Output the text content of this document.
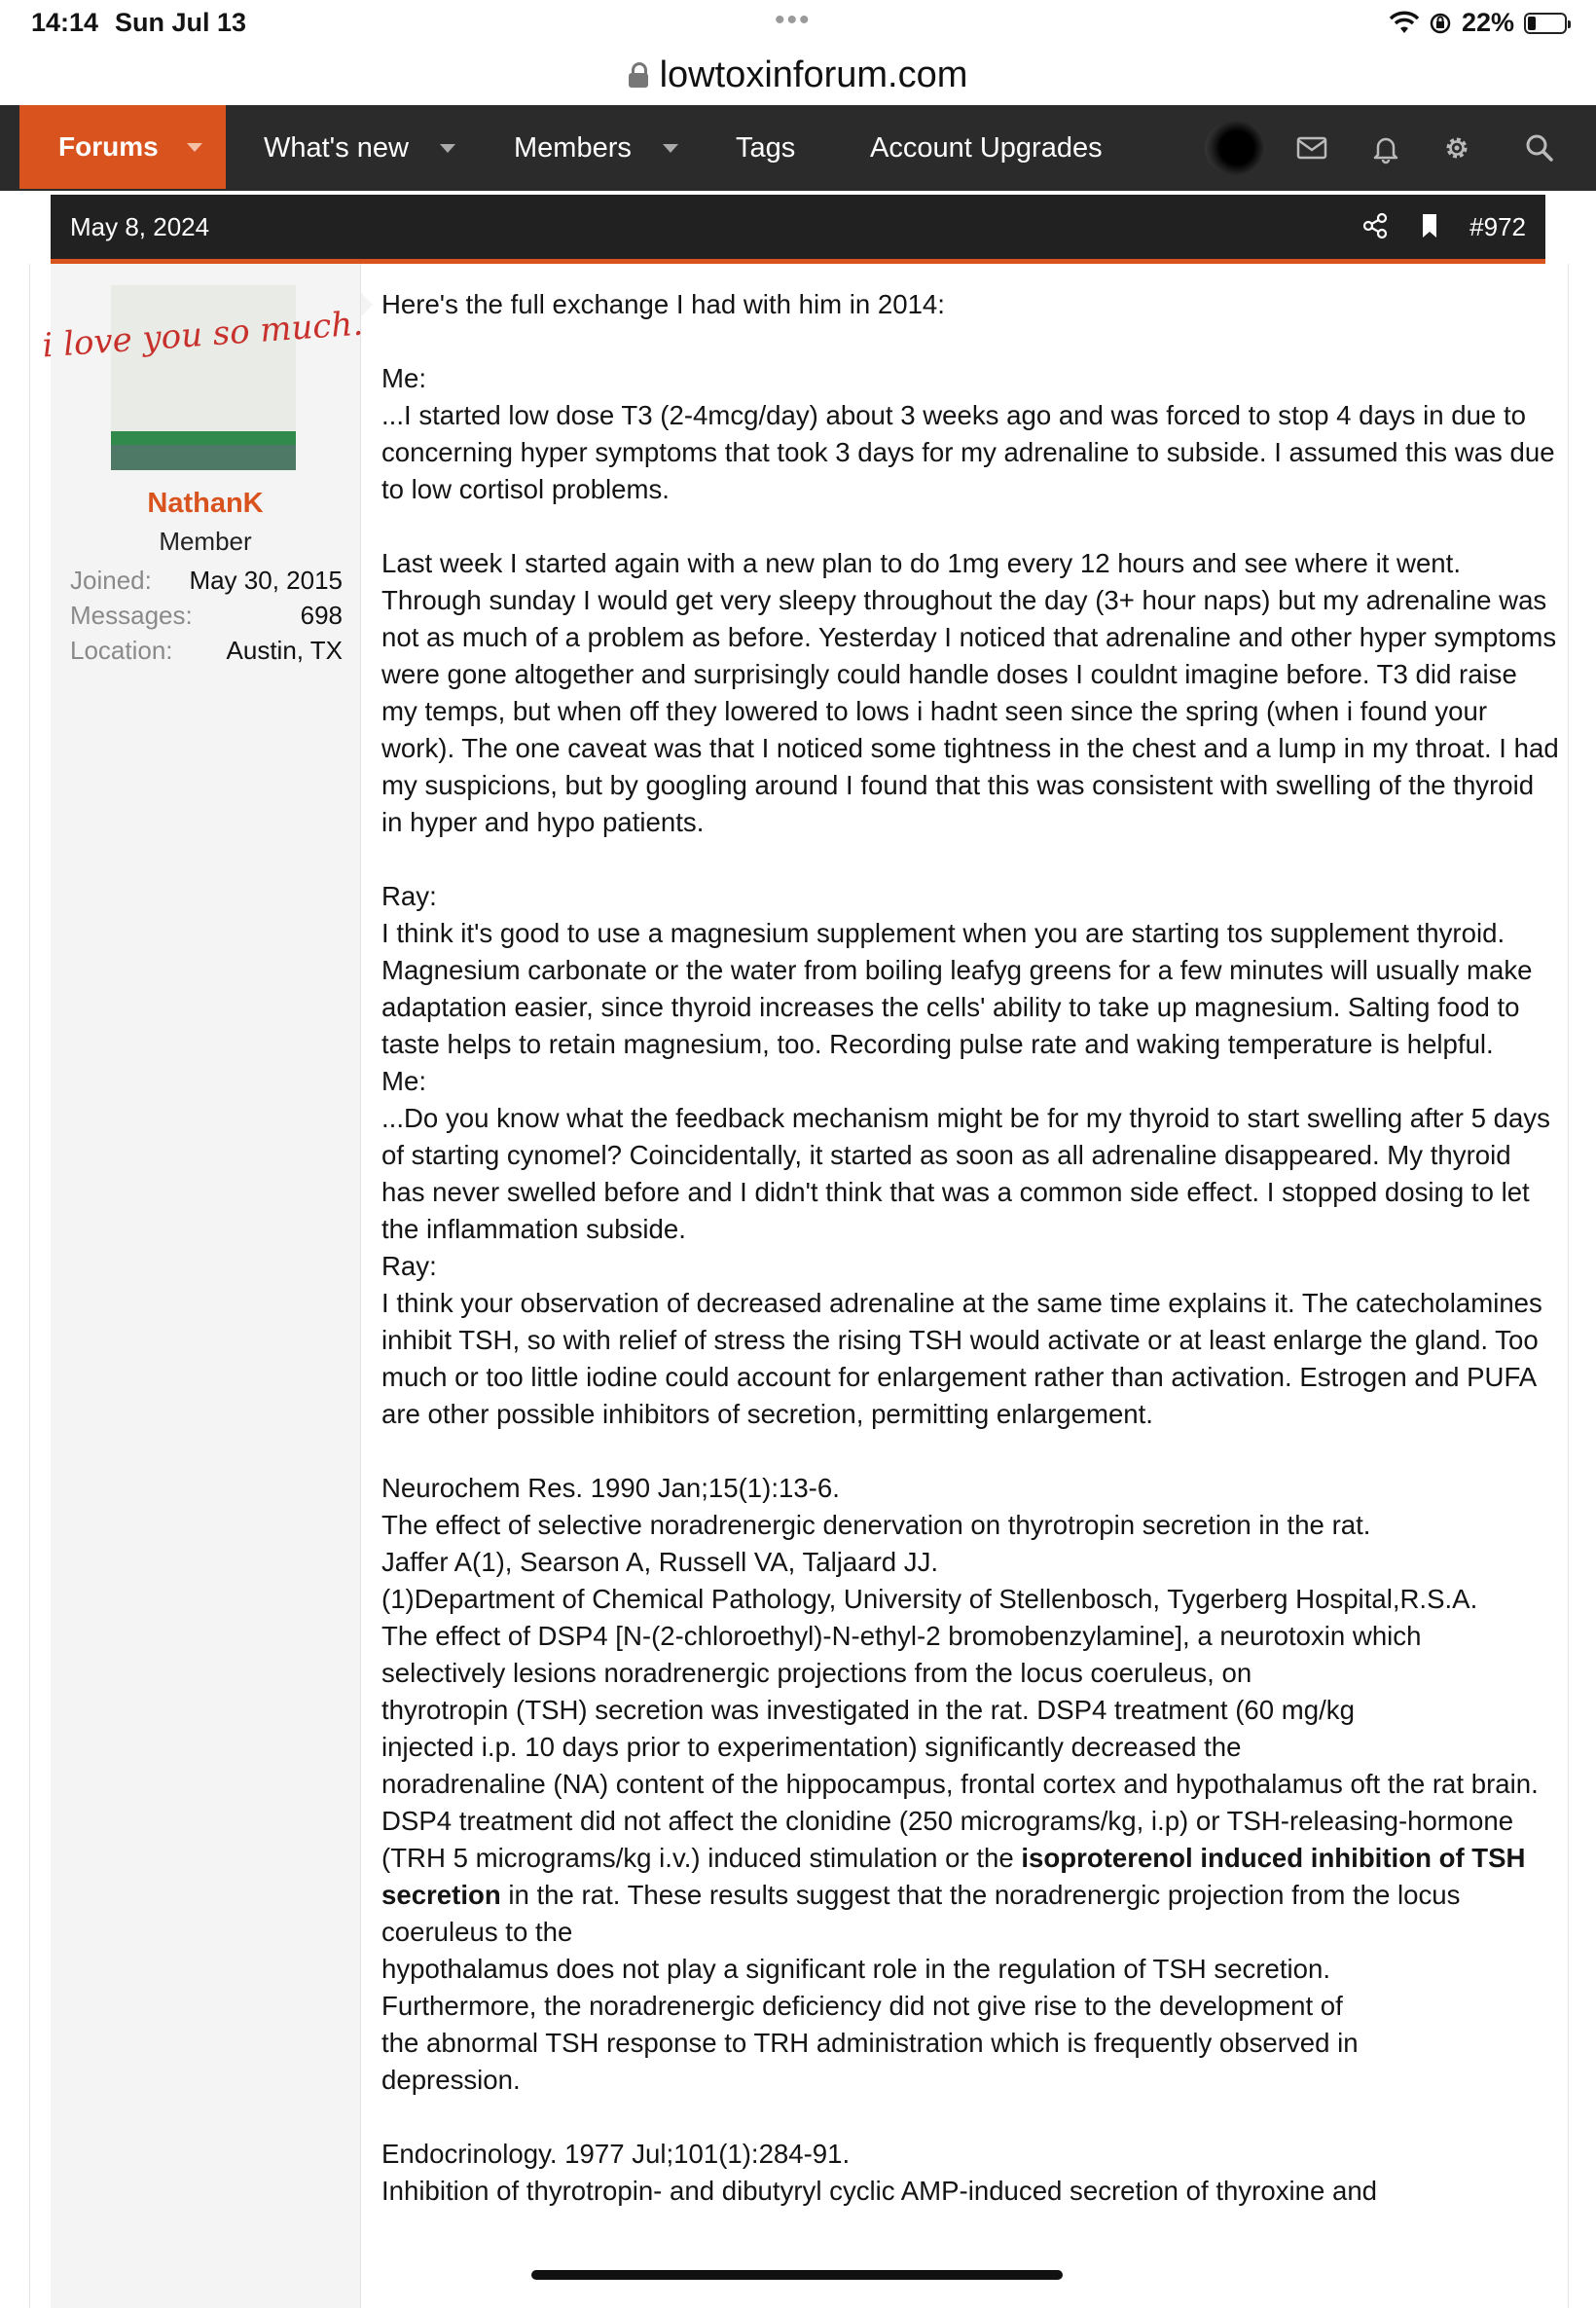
14:14 Sun Jul 13	•••	22%
lowtoxinforum.com
Forums	What's new	Members	Tags	Account Upgrades
May 8, 2024	#972
i love you so much.
NathanK
Member
Joined: May 30, 2015
Messages:	698
Location: Austin, TX

Here's the full exchange I had with him in 2014:

Me:

...I started low dose T3 (2-4mcg/day) about 3 weeks ago and was forced to stop 4 days in due to concerning hyper symptoms that took 3 days for my adrenaline to subside. I assumed this was due to low cortisol problems.

Last week I started again with a new plan to do 1mg every 12 hours and see where it went. Through sunday I would get very sleepy throughout the day (3+ hour naps) but my adrenaline was not as much of a problem as before. Yesterday I noticed that adrenaline and other hyper symptoms were gone altogether and surprisingly could handle doses I couldnt imagine before. T3 did raise my temps, but when off they lowered to lows i hadnt seen since the spring (when i found your work). The one caveat was that I noticed some tightness in the chest and a lump in my throat. I had my suspicions, but by googling around I found that this was consistent with swelling of the thyroid in hyper and hypo patients.

Ray:

I think it's good to use a magnesium supplement when you are starting tos supplement thyroid. Magnesium carbonate or the water from boiling leafyg greens for a few minutes will usually make adaptation easier, since thyroid increases the cells' ability to take up magnesium. Salting food to taste helps to retain magnesium, too. Recording pulse rate and waking temperature is helpful.

Me:

...Do you know what the feedback mechanism might be for my thyroid to start swelling after 5 days of starting cynomel? Coincidentally, it started as soon as all adrenaline disappeared. My thyroid has never swelled before and I didn't think that was a common side effect. I stopped dosing to let the inflammation subside.

Ray:

I think your observation of decreased adrenaline at the same time explains it. The catecholamines inhibit TSH, so with relief of stress the rising TSH would activate or at least enlarge the gland. Too much or too little iodine could account for enlargement rather than activation. Estrogen and PUFA are other possible inhibitors of secretion, permitting enlargement.

Neurochem Res. 1990 Jan;15(1):13-6.

The effect of selective noradrenergic denervation on thyrotropin secretion in the rat.

Jaffer A(1), Searson A, Russell VA, Taljaard JJ.

(1)Department of Chemical Pathology, University of Stellenbosch, Tygerberg Hospital,R.S.A.

The effect of DSP4 [N-(2-chloroethyl)-N-ethyl-2 bromobenzylamine], a neurotoxin which

selectively lesions noradrenergic projections from the locus coeruleus, on

thyrotropin (TSH) secretion was investigated in the rat. DSP4 treatment (60 mg/kg

injected i.p. 10 days prior to experimentation) significantly decreased the

noradrenaline (NA) content of the hippocampus, frontal cortex and hypothalamus oft the rat brain. DSP4 treatment did not affect the clonidine (250 micrograms/kg, i.p) or TSH-releasing-hormone (TRH 5 micrograms/kg i.v.) induced stimulation or the isoproterenol induced inhibition of TSH secretion in the rat. These results suggest that the noradrenergic projection from the locus coeruleus to the

hypothalamus does not play a significant role in the regulation of TSH secretion.

Furthermore, the noradrenergic deficiency did not give rise to the development of

the abnormal TSH response to TRH administration which is frequently observed in

depression.

Endocrinology. 1977 Jul;101(1):284-91.

Inhibition of thyrotropin- and dibutyryl cyclic AMP-induced secretion of thyroxine and
